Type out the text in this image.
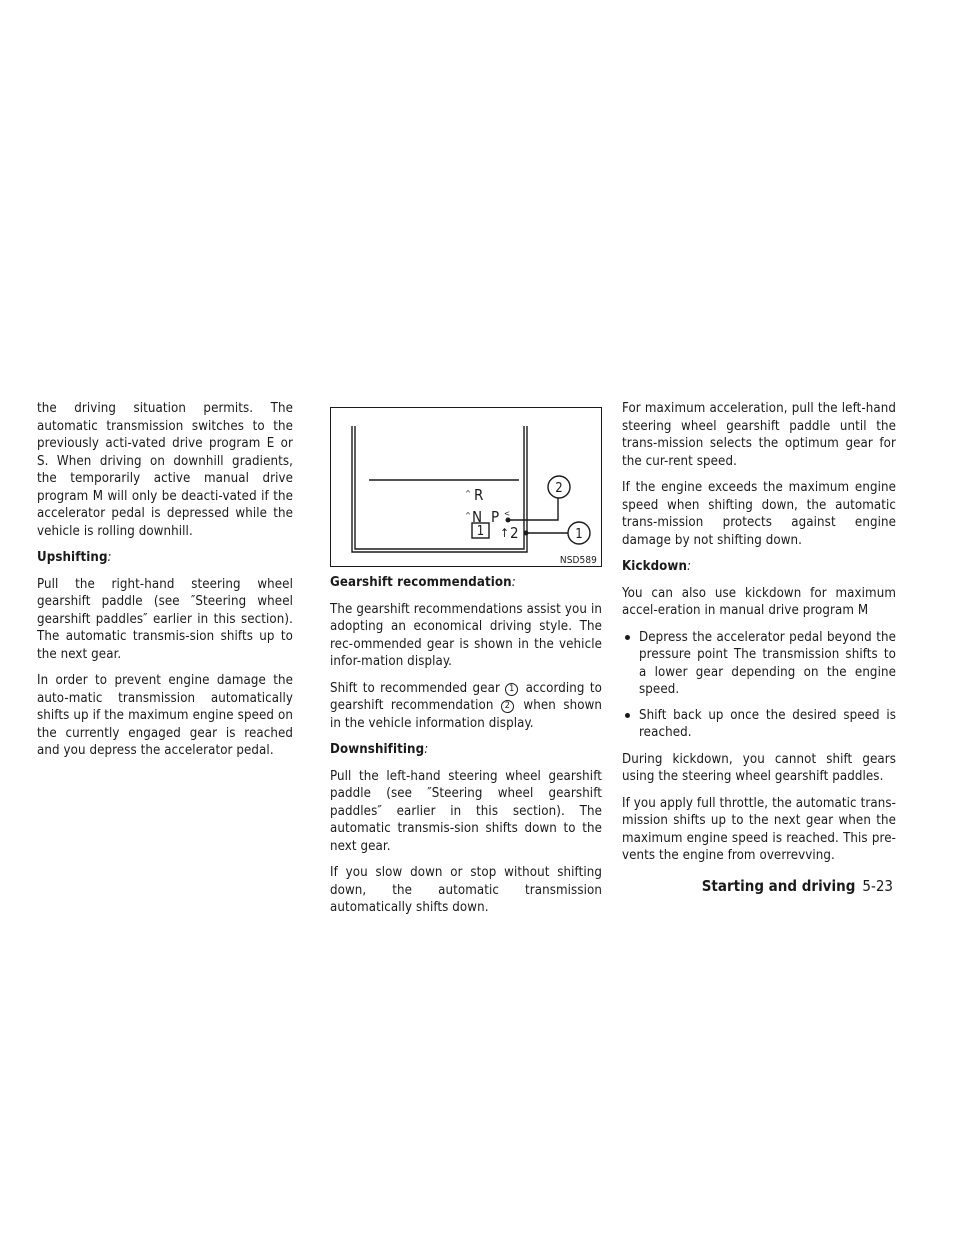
the driving situation permits. The automatic transmission switches to the previously acti-vated drive program E or S. When driving on downhill gradients, the temporarily active manual drive program M will only be deacti-vated if the accelerator pedal is depressed while the vehicle is rolling downhill.

Upshifting:

Pull the right-hand steering wheel gearshift paddle (see ″Steering wheel gearshift paddles″ earlier in this section). The automatic transmis-sion shifts up to the next gear.

In order to prevent engine damage the auto-matic transmission automatically shifts up if the maximum engine speed on the currently engaged gear is reached and you depress the accelerator pedal.

2
1
^ R
^ N P <
1 ↑ 2
NSD589
Gearshift recommendation:

The gearshift recommendations assist you in adopting an economical driving style. The rec-ommended gear is shown in the vehicle infor-mation display.

Shift to recommended gear 1 according to gearshift recommendation 2 when shown in the vehicle information display.

Downshifiting:

Pull the left-hand steering wheel gearshift paddle (see ″Steering wheel gearshift paddles″ earlier in this section). The automatic transmis-sion shifts down to the next gear.

If you slow down or stop without shifting down, the automatic transmission automatically shifts down.

For maximum acceleration, pull the left-hand steering wheel gearshift paddle until the trans-mission selects the optimum gear for the cur-rent speed.

If the engine exceeds the maximum engine speed when shifting down, the automatic trans-mission protects against engine damage by not shifting down.

Kickdown:

You can also use kickdown for maximum accel-eration in manual drive program M

Depress the accelerator pedal beyond the pressure point The transmission shifts to a lower gear depending on the engine speed.
Shift back up once the desired speed is reached.

During kickdown, you cannot shift gears using the steering wheel gearshift paddles.

If you apply full throttle, the automatic trans-mission shifts up to the next gear when the maximum engine speed is reached. This pre-vents the engine from overrevving.

Starting and driving 5-23
